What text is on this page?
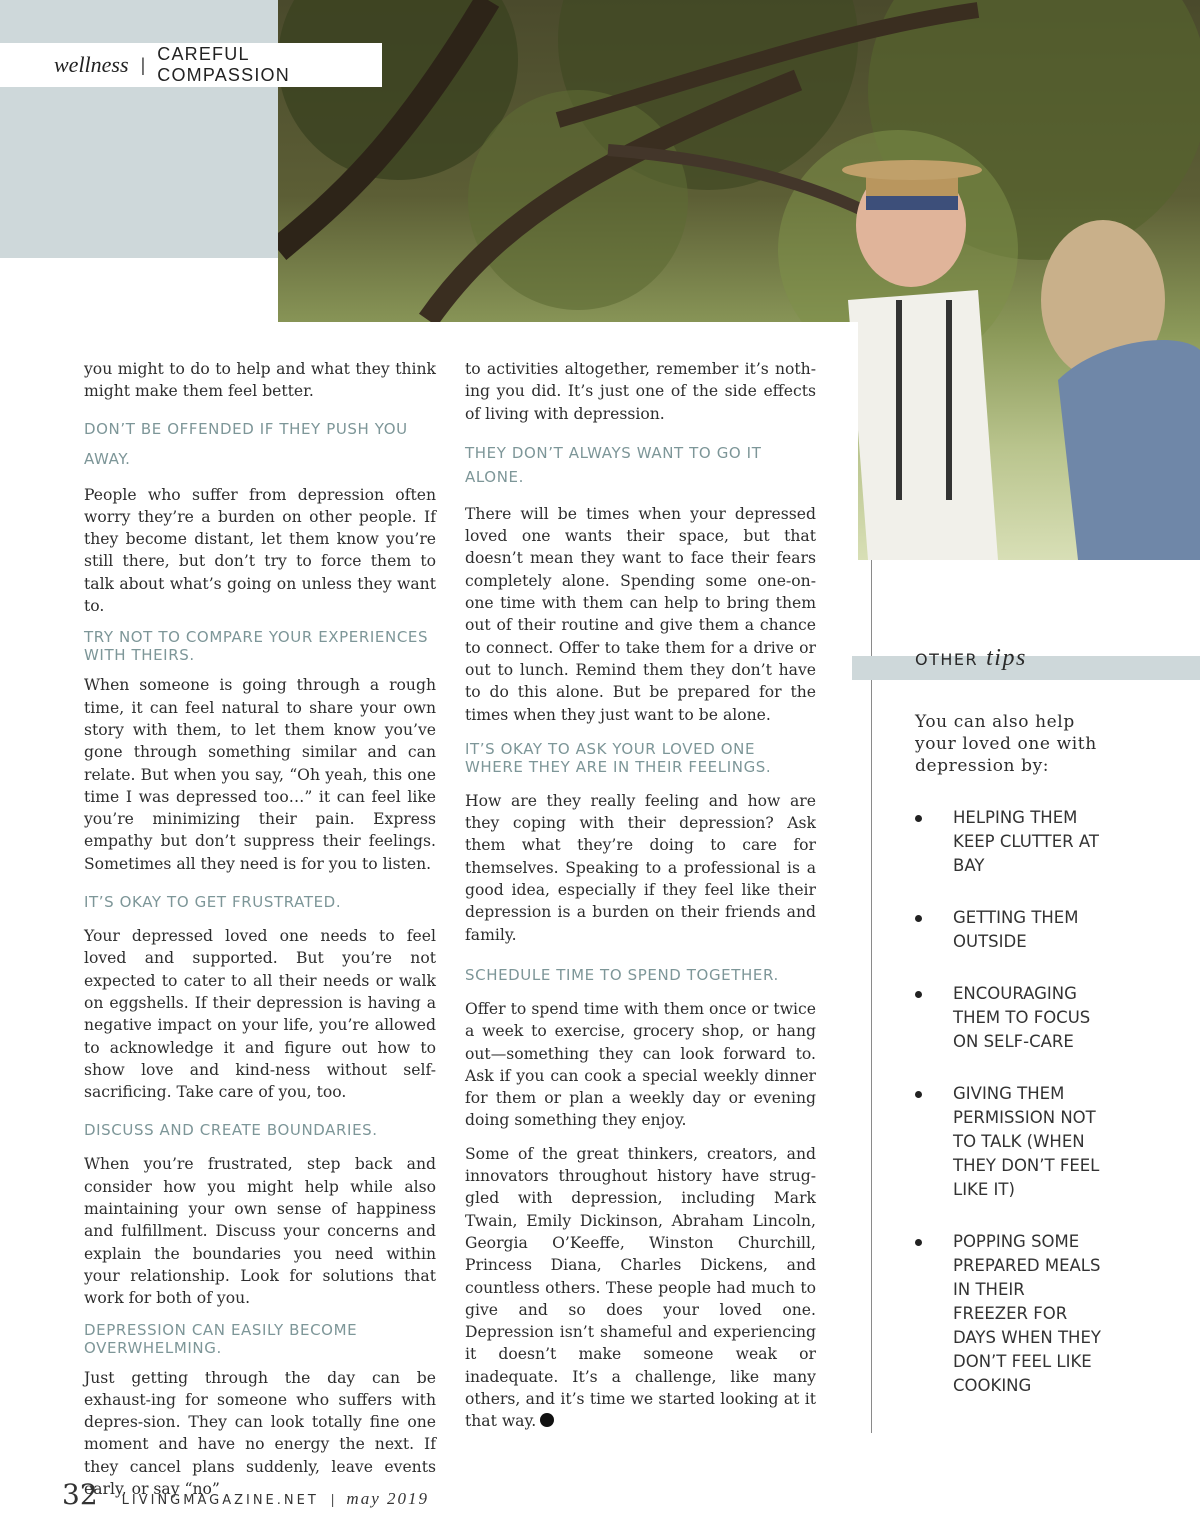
wellness |
CAREFUL COMPASSION

you might to do to help and what they think might make them feel better.

DON’T BE OFFENDED IF THEY PUSH YOU AWAY.

People who suffer from depression often worry they’re a burden on other people. If they become distant, let them know you’re still there, but don’t try to force them to talk about what’s going on unless they want to.

TRY NOT TO COMPARE YOUR EXPERIENCES WITH THEIRS.

When someone is going through a rough time, it can feel natural to share your own story with them, to let them know you’ve gone through something similar and can relate. But when you say, “Oh yeah, this one time I was depressed too…” it can feel like you’re minimizing their pain. Express empathy but don’t suppress their feelings. Sometimes all they need is for you to listen.

IT’S OKAY TO GET FRUSTRATED.

Your depressed loved one needs to feel loved and supported. But you’re not expected to cater to all their needs or walk on eggshells. If their depression is having a negative impact on your life, you’re allowed to acknowledge it and figure out how to show love and kind-ness without self-sacrificing. Take care of you, too.

DISCUSS AND CREATE BOUNDARIES.

When you’re frustrated, step back and consider how you might help while also maintaining your own sense of happiness and fulfillment. Discuss your concerns and explain the boundaries you need within your relationship. Look for solutions that work for both of you.

DEPRESSION CAN EASILY BECOME OVERWHELMING.

Just getting through the day can be exhaust-ing for someone who suffers with depres-sion. They can look totally fine one moment and have no energy the next. If they cancel plans suddenly, leave events early, or say “no”

to activities altogether, remember it’s noth-ing you did. It’s just one of the side effects of living with depression.

THEY DON’T ALWAYS WANT TO GO IT ALONE.

There will be times when your depressed loved one wants their space, but that doesn’t mean they want to face their fears completely alone. Spending some one-on-one time with them can help to bring them out of their routine and give them a chance to connect. Offer to take them for a drive or out to lunch. Remind them they don’t have to do this alone. But be prepared for the times when they just want to be alone.

IT’S OKAY TO ASK YOUR LOVED ONE WHERE THEY ARE IN THEIR FEELINGS.

How are they really feeling and how are they coping with their depression? Ask them what they’re doing to care for themselves. Speaking to a professional is a good idea, especially if they feel like their depression is a burden on their friends and family.

SCHEDULE TIME TO SPEND TOGETHER.

Offer to spend time with them once or twice a week to exercise, grocery shop, or hang out—something they can look forward to. Ask if you can cook a special weekly dinner for them or plan a weekly day or evening doing something they enjoy.

Some of the great thinkers, creators, and innovators throughout history have strug-gled with depression, including Mark Twain, Emily Dickinson, Abraham Lincoln, Georgia O’Keeffe, Winston Churchill, Princess Diana, Charles Dickens, and countless others. These people had much to give and so does your loved one. Depression isn’t shameful and experiencing it doesn’t make someone weak or inadequate. It’s a challenge, like many others, and it’s time we started looking at it that way.

OTHER tips
You can also help your loved one with depression by:
HELPING THEM KEEP CLUTTER AT BAY
GETTING THEM OUTSIDE
ENCOURAGING THEM TO FOCUS ON SELF-CARE
GIVING THEM PERMISSION NOT TO TALK (WHEN THEY DON’T FEEL LIKE IT)
POPPING SOME PREPARED MEALS IN THEIR FREEZER FOR DAYS WHEN THEY DON’T FEEL LIKE COOKING
32 LIVINGMAGAZINE.NET | may 2019
